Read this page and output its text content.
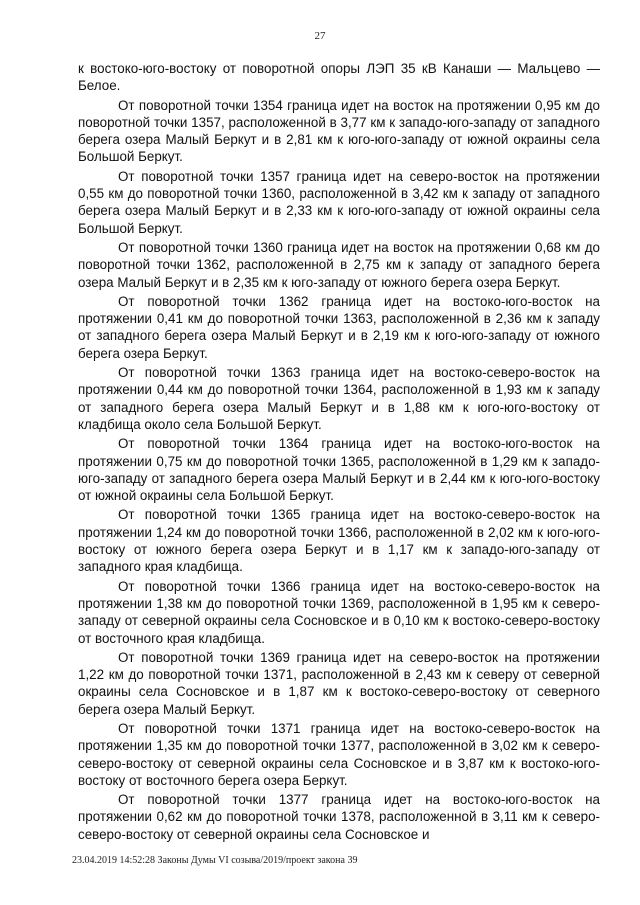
27

к востоко-юго-востоку от поворотной опоры ЛЭП 35 кВ Канаши — Мальцево — Белое.

От поворотной точки 1354 граница идет на восток на протяжении 0,95 км до поворотной точки 1357, расположенной в 3,77 км к западо-юго-западу от западного берега озера Малый Беркут и в 2,81 км к юго-юго-западу от южной окраины села Большой Беркут.

От поворотной точки 1357 граница идет на северо-восток на протяжении 0,55 км до поворотной точки 1360, расположенной в 3,42 км к западу от западного берега озера Малый Беркут и в 2,33 км к юго-юго-западу от южной окраины села Большой Беркут.

От поворотной точки 1360 граница идет на восток на протяжении 0,68 км до поворотной точки 1362, расположенной в 2,75 км к западу от западного берега озера Малый Беркут и в 2,35 км к юго-западу от южного берега озера Беркут.

От поворотной точки 1362 граница идет на востоко-юго-восток на протяжении 0,41 км до поворотной точки 1363, расположенной в 2,36 км к западу от западного берега озера Малый Беркут и в 2,19 км к юго-юго-западу от южного берега озера Беркут.

От поворотной точки 1363 граница идет на востоко-северо-восток на протяжении 0,44 км до поворотной точки 1364, расположенной в 1,93 км к западу от западного берега озера Малый Беркут и в 1,88 км к юго-юго-востоку от кладбища около села Большой Беркут.

От поворотной точки 1364 граница идет на востоко-юго-восток на протяжении 0,75 км до поворотной точки 1365, расположенной в 1,29 км к западо-юго-западу от западного берега озера Малый Беркут и в 2,44 км к юго-юго-востоку от южной окраины села Большой Беркут.

От поворотной точки 1365 граница идет на востоко-северо-восток на протяжении 1,24 км до поворотной точки 1366, расположенной в 2,02 км к юго-юго-востоку от южного берега озера Беркут и в 1,17 км к западо-юго-западу от западного края кладбища.

От поворотной точки 1366 граница идет на востоко-северо-восток на протяжении 1,38 км до поворотной точки 1369, расположенной в 1,95 км к северо-западу от северной окраины села Сосновское и в 0,10 км к востоко-северо-востоку от восточного края кладбища.

От поворотной точки 1369 граница идет на северо-восток на протяжении 1,22 км до поворотной точки 1371, расположенной в 2,43 км к северу от северной окраины села Сосновское и в 1,87 км к востоко-северо-востоку от северного берега озера Малый Беркут.

От поворотной точки 1371 граница идет на востоко-северо-восток на протяжении 1,35 км до поворотной точки 1377, расположенной в 3,02 км к северо-северо-востоку от северной окраины села Сосновское и в 3,87 км к востоко-юго-востоку от восточного берега озера Беркут.

От поворотной точки 1377 граница идет на востоко-юго-восток на протяжении 0,62 км до поворотной точки 1378, расположенной в 3,11 км к северо-северо-востоку от северной окраины села Сосновское и

23.04.2019 14:52:28 Законы Думы VI созыва/2019/проект закона 39
